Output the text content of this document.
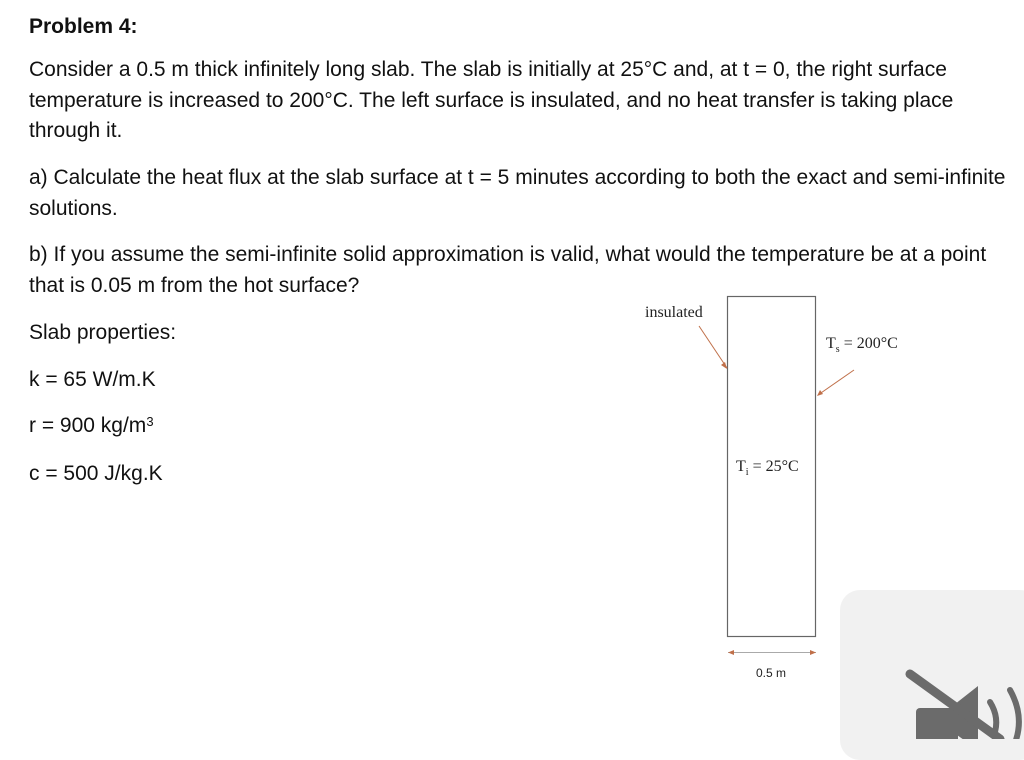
Problem 4:
Consider a 0.5 m thick infinitely long slab. The slab is initially at 25°C and, at t = 0, the right surface temperature is increased to 200°C. The left surface is insulated, and no heat transfer is taking place through it.
a) Calculate the heat flux at the slab surface at t = 5 minutes according to both the exact and semi-infinite solutions.
b) If you assume the semi-infinite solid approximation is valid, what would the temperature be at a point that is 0.05 m from the hot surface?
Slab properties:
k = 65 W/m.K
r = 900 $kg/m^3$
c = 500 J/kg.K
insulated
$T_s = 200^\circ C$
$T_i = 25^\circ C$
0.5 m
